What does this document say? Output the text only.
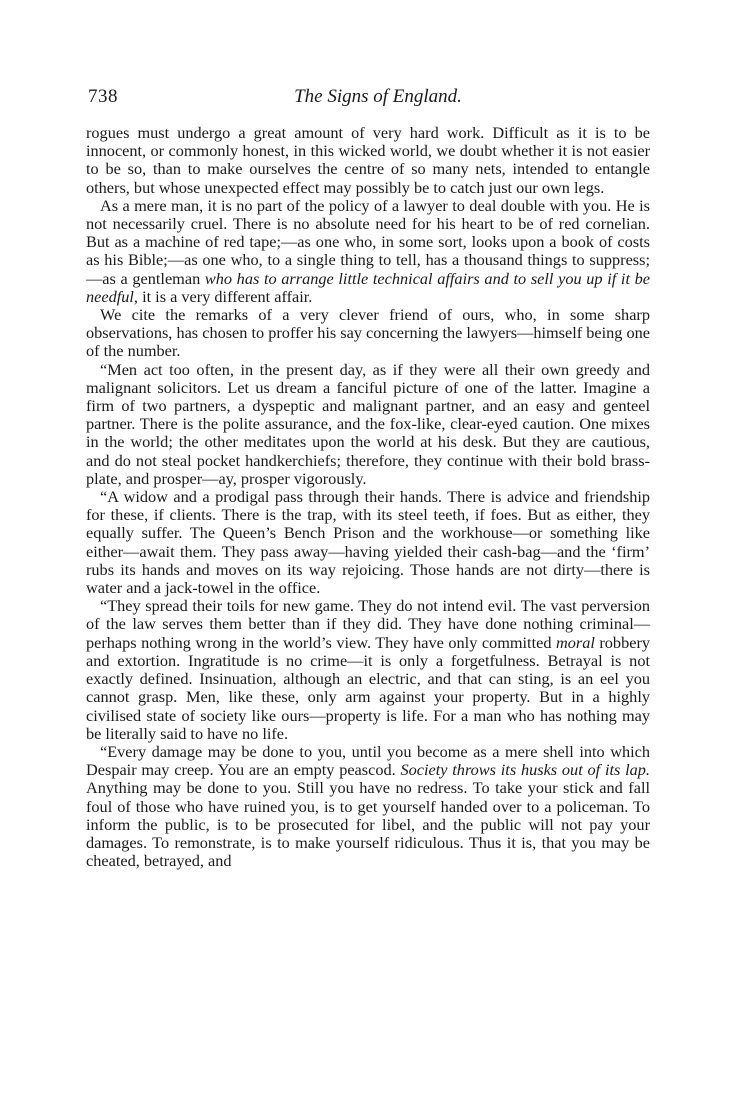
738	The Signs of England.

rogues must undergo a great amount of very hard work. Difficult as it is to be innocent, or commonly honest, in this wicked world, we doubt whether it is not easier to be so, than to make ourselves the centre of so many nets, intended to entangle others, but whose unexpected effect may possibly be to catch just our own legs.

As a mere man, it is no part of the policy of a lawyer to deal double with you. He is not necessarily cruel. There is no absolute need for his heart to be of red cornelian. But as a machine of red tape;—as one who, in some sort, looks upon a book of costs as his Bible;—as one who, to a single thing to tell, has a thousand things to suppress;—as a gentleman who has to arrange little technical affairs and to sell you up if it be needful, it is a very different affair.

We cite the remarks of a very clever friend of ours, who, in some sharp observations, has chosen to proffer his say concerning the lawyers—himself being one of the number.

“Men act too often, in the present day, as if they were all their own greedy and malignant solicitors. Let us dream a fanciful picture of one of the latter. Imagine a firm of two partners, a dyspeptic and malignant partner, and an easy and genteel partner. There is the polite assurance, and the fox-like, clear-eyed caution. One mixes in the world; the other meditates upon the world at his desk. But they are cautious, and do not steal pocket handkerchiefs; therefore, they continue with their bold brass-plate, and prosper—ay, prosper vigorously.

“A widow and a prodigal pass through their hands. There is advice and friendship for these, if clients. There is the trap, with its steel teeth, if foes. But as either, they equally suffer. The Queen’s Bench Prison and the workhouse—or something like either—await them. They pass away—having yielded their cash-bag—and the ‘firm’ rubs its hands and moves on its way rejoicing. Those hands are not dirty—there is water and a jack-towel in the office.

“They spread their toils for new game. They do not intend evil. The vast perversion of the law serves them better than if they did. They have done nothing criminal—perhaps nothing wrong in the world’s view. They have only committed moral robbery and extortion. Ingratitude is no crime—it is only a forgetfulness. Betrayal is not exactly defined. Insinuation, although an electric, and that can sting, is an eel you cannot grasp. Men, like these, only arm against your property. But in a highly civilised state of society like ours—property is life. For a man who has nothing may be literally said to have no life.

“Every damage may be done to you, until you become as a mere shell into which Despair may creep. You are an empty peascod. Society throws its husks out of its lap. Anything may be done to you. Still you have no redress. To take your stick and fall foul of those who have ruined you, is to get yourself handed over to a policeman. To inform the public, is to be prosecuted for libel, and the public will not pay your damages. To remonstrate, is to make yourself ridiculous. Thus it is, that you may be cheated, betrayed, and
